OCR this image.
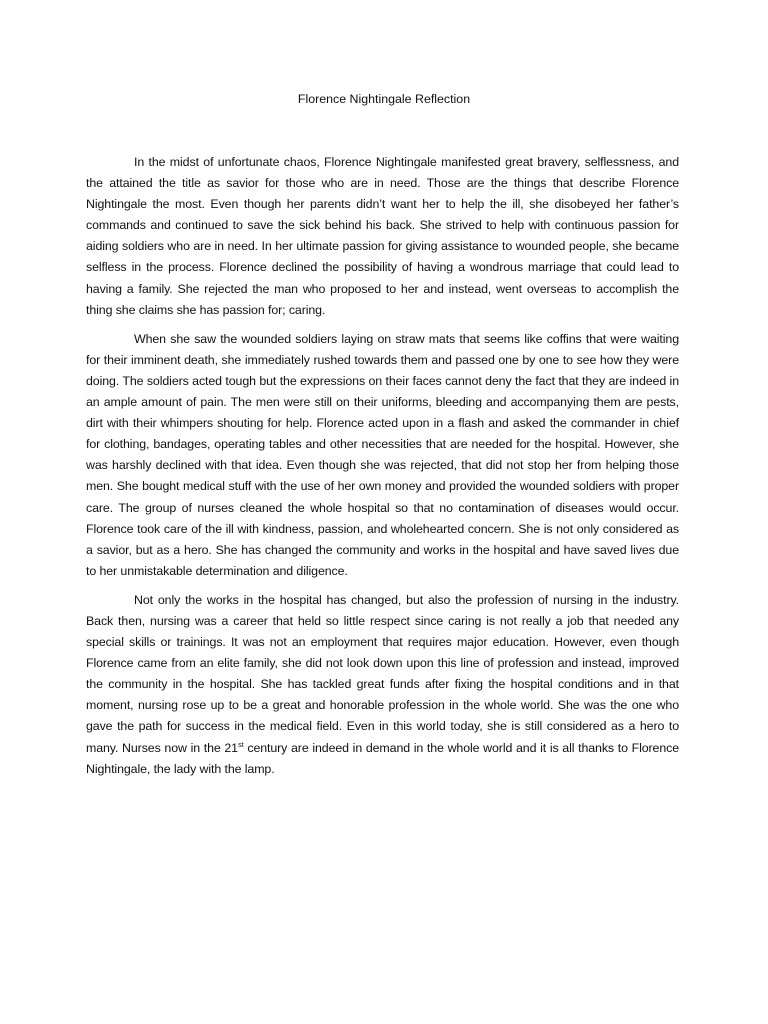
Florence Nightingale Reflection

In the midst of unfortunate chaos, Florence Nightingale manifested great bravery, selflessness, and the attained the title as savior for those who are in need. Those are the things that describe Florence Nightingale the most. Even though her parents didn’t want her to help the ill, she disobeyed her father’s commands and continued to save the sick behind his back. She strived to help with continuous passion for aiding soldiers who are in need. In her ultimate passion for giving assistance to wounded people, she became selfless in the process. Florence declined the possibility of having a wondrous marriage that could lead to having a family. She rejected the man who proposed to her and instead, went overseas to accomplish the thing she claims she has passion for; caring.

When she saw the wounded soldiers laying on straw mats that seems like coffins that were waiting for their imminent death, she immediately rushed towards them and passed one by one to see how they were doing. The soldiers acted tough but the expressions on their faces cannot deny the fact that they are indeed in an ample amount of pain. The men were still on their uniforms, bleeding and accompanying them are pests, dirt with their whimpers shouting for help. Florence acted upon in a flash and asked the commander in chief for clothing, bandages, operating tables and other necessities that are needed for the hospital. However, she was harshly declined with that idea. Even though she was rejected, that did not stop her from helping those men. She bought medical stuff with the use of her own money and provided the wounded soldiers with proper care. The group of nurses cleaned the whole hospital so that no contamination of diseases would occur. Florence took care of the ill with kindness, passion, and wholehearted concern. She is not only considered as a savior, but as a hero. She has changed the community and works in the hospital and have saved lives due to her unmistakable determination and diligence.

Not only the works in the hospital has changed, but also the profession of nursing in the industry. Back then, nursing was a career that held so little respect since caring is not really a job that needed any special skills or trainings. It was not an employment that requires major education. However, even though Florence came from an elite family, she did not look down upon this line of profession and instead, improved the community in the hospital. She has tackled great funds after fixing the hospital conditions and in that moment, nursing rose up to be a great and honorable profession in the whole world. She was the one who gave the path for success in the medical field. Even in this world today, she is still considered as a hero to many. Nurses now in the 21st century are indeed in demand in the whole world and it is all thanks to Florence Nightingale, the lady with the lamp.
